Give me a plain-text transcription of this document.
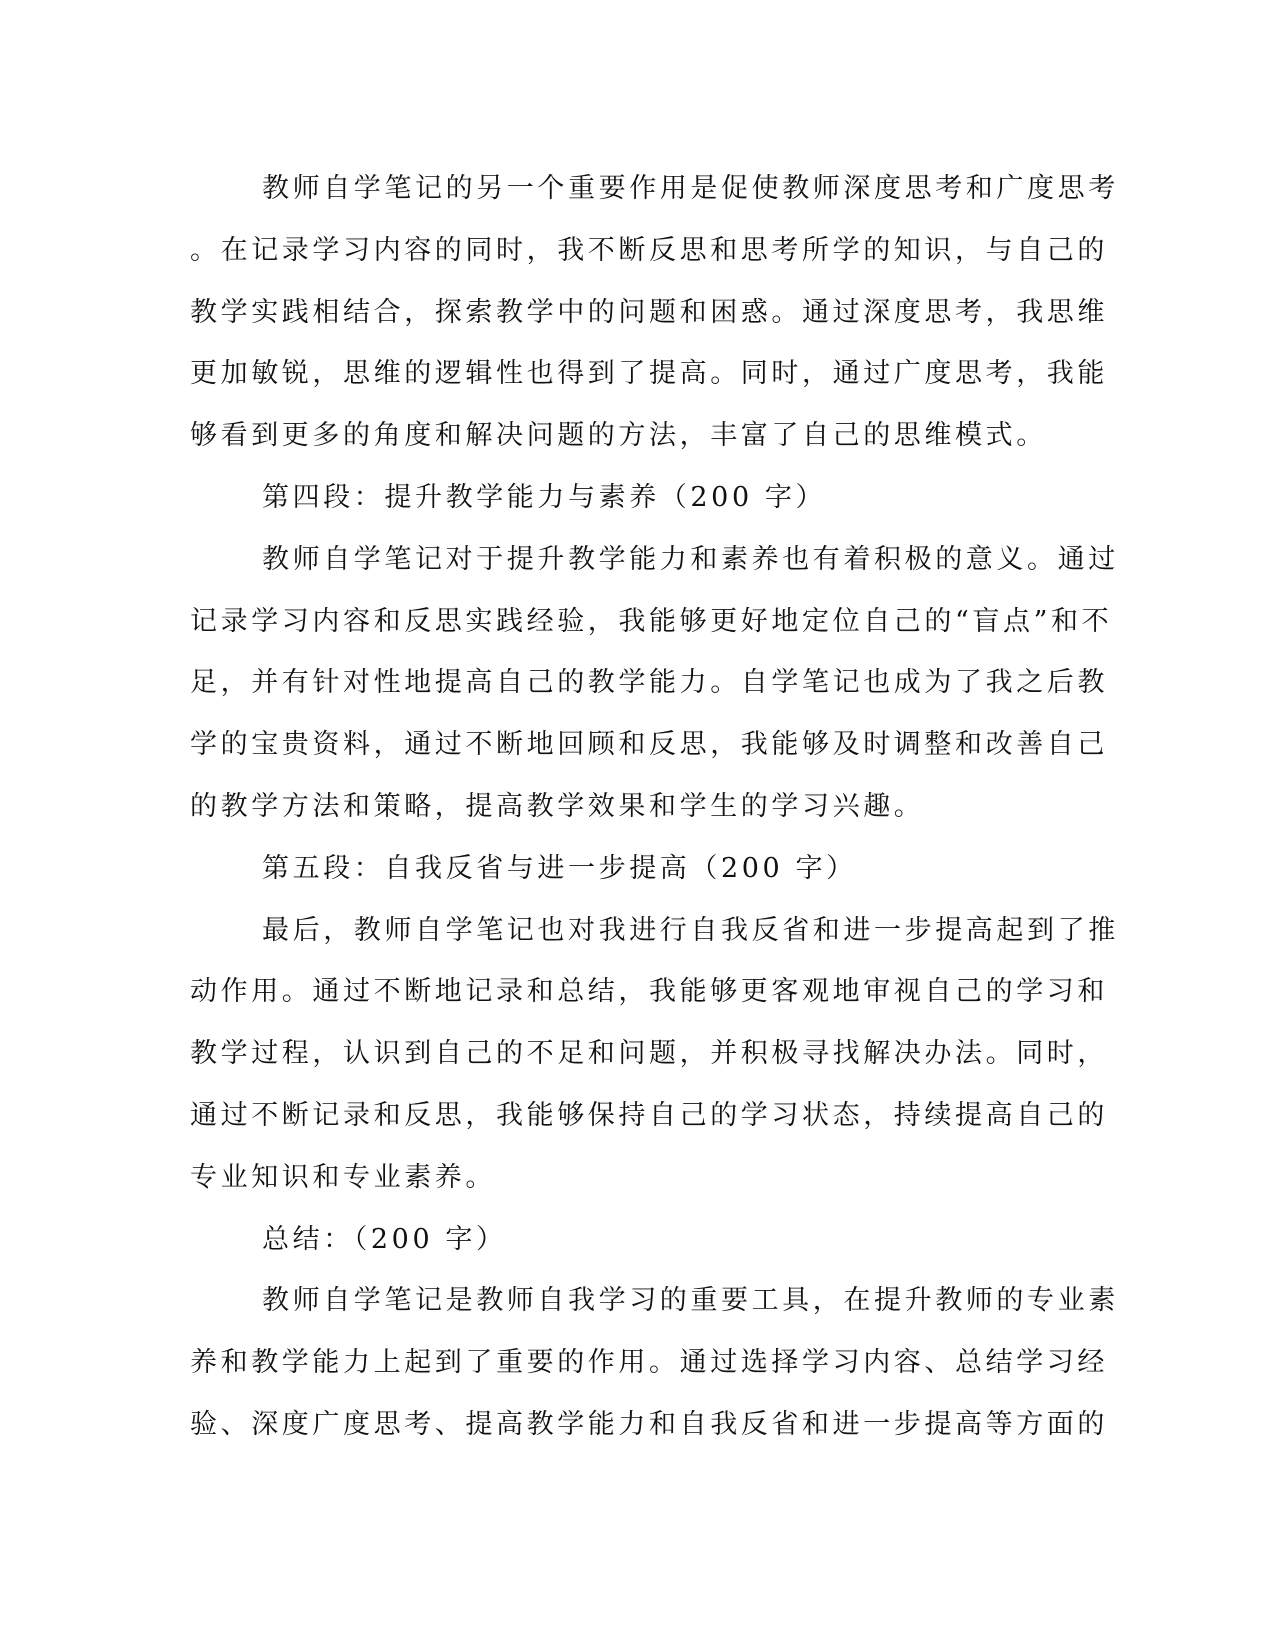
教师自学笔记的另一个重要作用是促使教师深度思考和广度思考
。在记录学习内容的同时，我不断反思和思考所学的知识，与自己的
教学实践相结合，探索教学中的问题和困惑。通过深度思考，我思维
更加敏锐，思维的逻辑性也得到了提高。同时，通过广度思考，我能
够看到更多的角度和解决问题的方法，丰富了自己的思维模式。
第四段：提升教学能力与素养（200 字）
教师自学笔记对于提升教学能力和素养也有着积极的意义。通过
记录学习内容和反思实践经验，我能够更好地定位自己的“盲点”和不
足，并有针对性地提高自己的教学能力。自学笔记也成为了我之后教
学的宝贵资料，通过不断地回顾和反思，我能够及时调整和改善自己
的教学方法和策略，提高教学效果和学生的学习兴趣。
第五段：自我反省与进一步提高（200 字）
最后，教师自学笔记也对我进行自我反省和进一步提高起到了推
动作用。通过不断地记录和总结，我能够更客观地审视自己的学习和
教学过程，认识到自己的不足和问题，并积极寻找解决办法。同时，
通过不断记录和反思，我能够保持自己的学习状态，持续提高自己的
专业知识和专业素养。
总结：（200 字）
教师自学笔记是教师自我学习的重要工具，在提升教师的专业素
养和教学能力上起到了重要的作用。通过选择学习内容、总结学习经
验、深度广度思考、提高教学能力和自我反省和进一步提高等方面的
